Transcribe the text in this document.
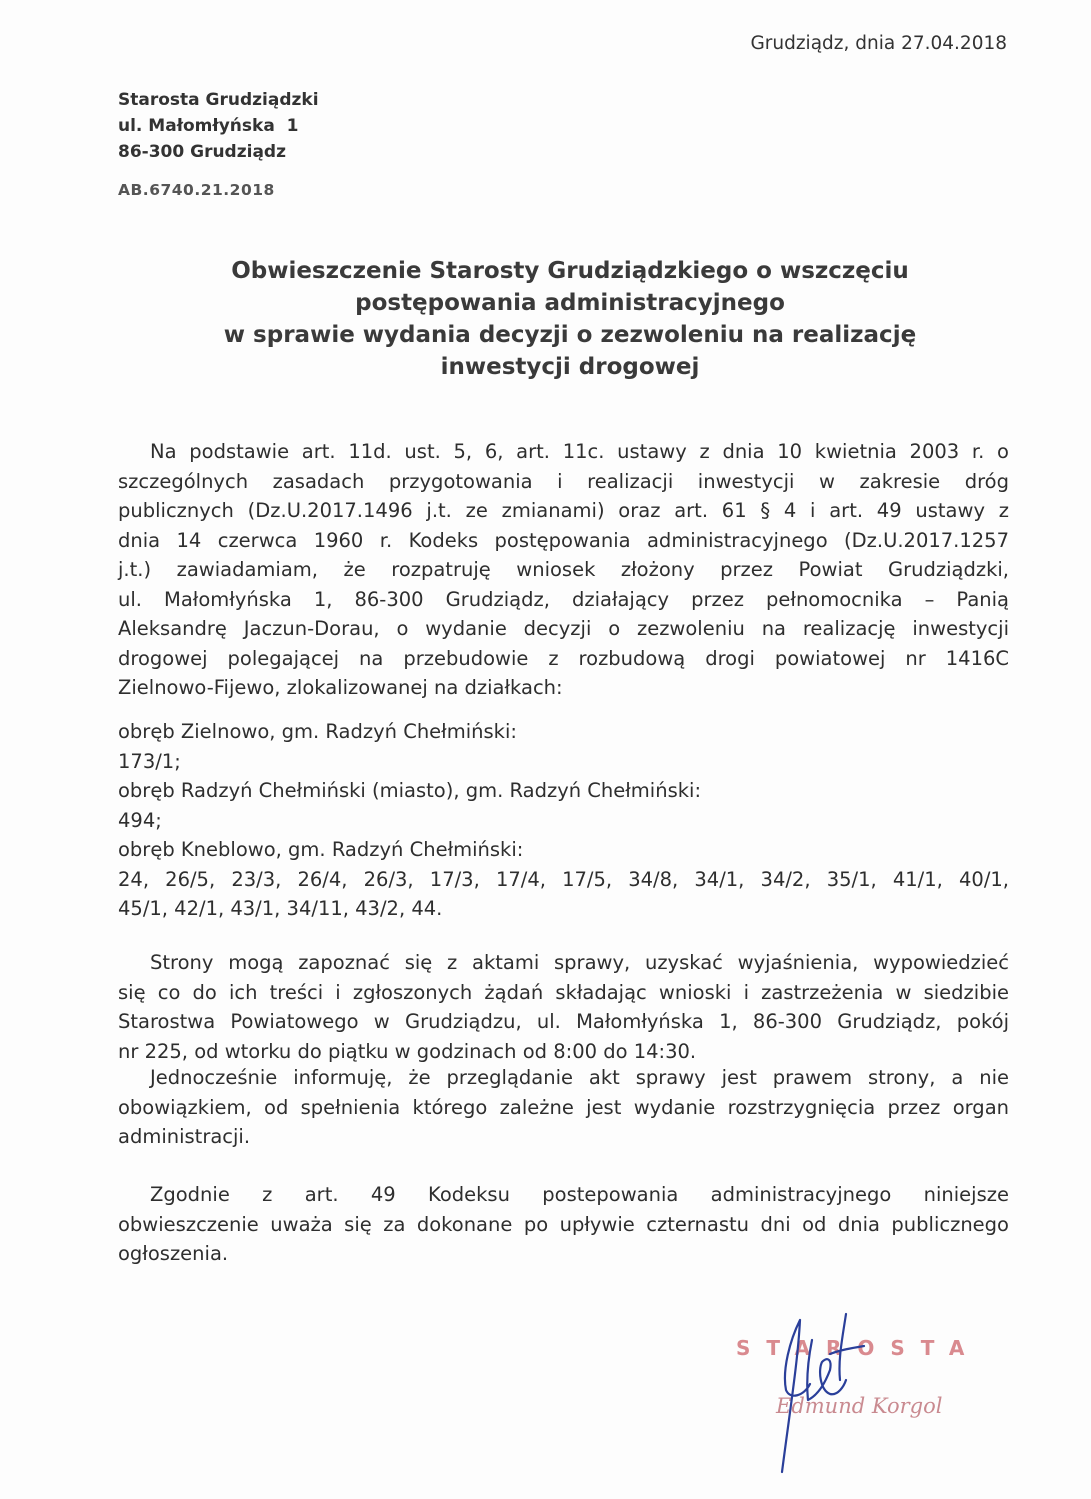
Grudziądz, dnia 27.04.2018
Starosta Grudziądzki
ul. Małomłyńska  1
86-300 Grudziądz
AB.6740.21.2018
Obwieszczenie Starosty Grudziądzkiego o wszczęciu
postępowania administracyjnego
w sprawie wydania decyzji o zezwoleniu na realizację
inwestycji drogowej
Na podstawie art. 11d. ust. 5, 6, art. 11c. ustawy z dnia 10 kwietnia 2003 r. o
szczególnych zasadach przygotowania i realizacji inwestycji w zakresie dróg
publicznych (Dz.U.2017.1496 j.t. ze zmianami) oraz art. 61 § 4 i art. 49 ustawy z
dnia 14 czerwca 1960 r. Kodeks postępowania administracyjnego (Dz.U.2017.1257
j.t.) zawiadamiam, że rozpatruję wniosek złożony przez Powiat Grudziądzki,
ul. Małomłyńska 1, 86-300 Grudziądz, działający przez pełnomocnika – Panią
Aleksandrę Jaczun-Dorau, o wydanie decyzji o zezwoleniu na realizację inwestycji
drogowej polegającej na przebudowie z rozbudową drogi powiatowej nr 1416C
Zielnowo-Fijewo, zlokalizowanej na działkach:
obręb Zielnowo, gm. Radzyń Chełmiński:
173/1;
obręb Radzyń Chełmiński (miasto), gm. Radzyń Chełmiński:
494;
obręb Kneblowo, gm. Radzyń Chełmiński:
24, 26/5, 23/3, 26/4, 26/3, 17/3, 17/4, 17/5, 34/8, 34/1, 34/2, 35/1, 41/1, 40/1,
45/1, 42/1, 43/1, 34/11, 43/2, 44.
Strony mogą zapoznać się z aktami sprawy, uzyskać wyjaśnienia, wypowiedzieć
się co do ich treści i zgłoszonych żądań składając wnioski i zastrzeżenia w siedzibie
Starostwa Powiatowego w Grudziądzu, ul. Małomłyńska 1, 86-300 Grudziądz, pokój
nr 225, od wtorku do piątku w godzinach od 8:00 do 14:30.
Jednocześnie informuję, że przeglądanie akt sprawy jest prawem strony, a nie
obowiązkiem, od spełnienia którego zależne jest wydanie rozstrzygnięcia przez organ
administracji.
Zgodnie z art. 49 Kodeksu postepowania administracyjnego niniejsze
obwieszczenie uważa się za dokonane po upływie czternastu dni od dnia publicznego
ogłoszenia.
STAROSTA
Edmund Korgol
